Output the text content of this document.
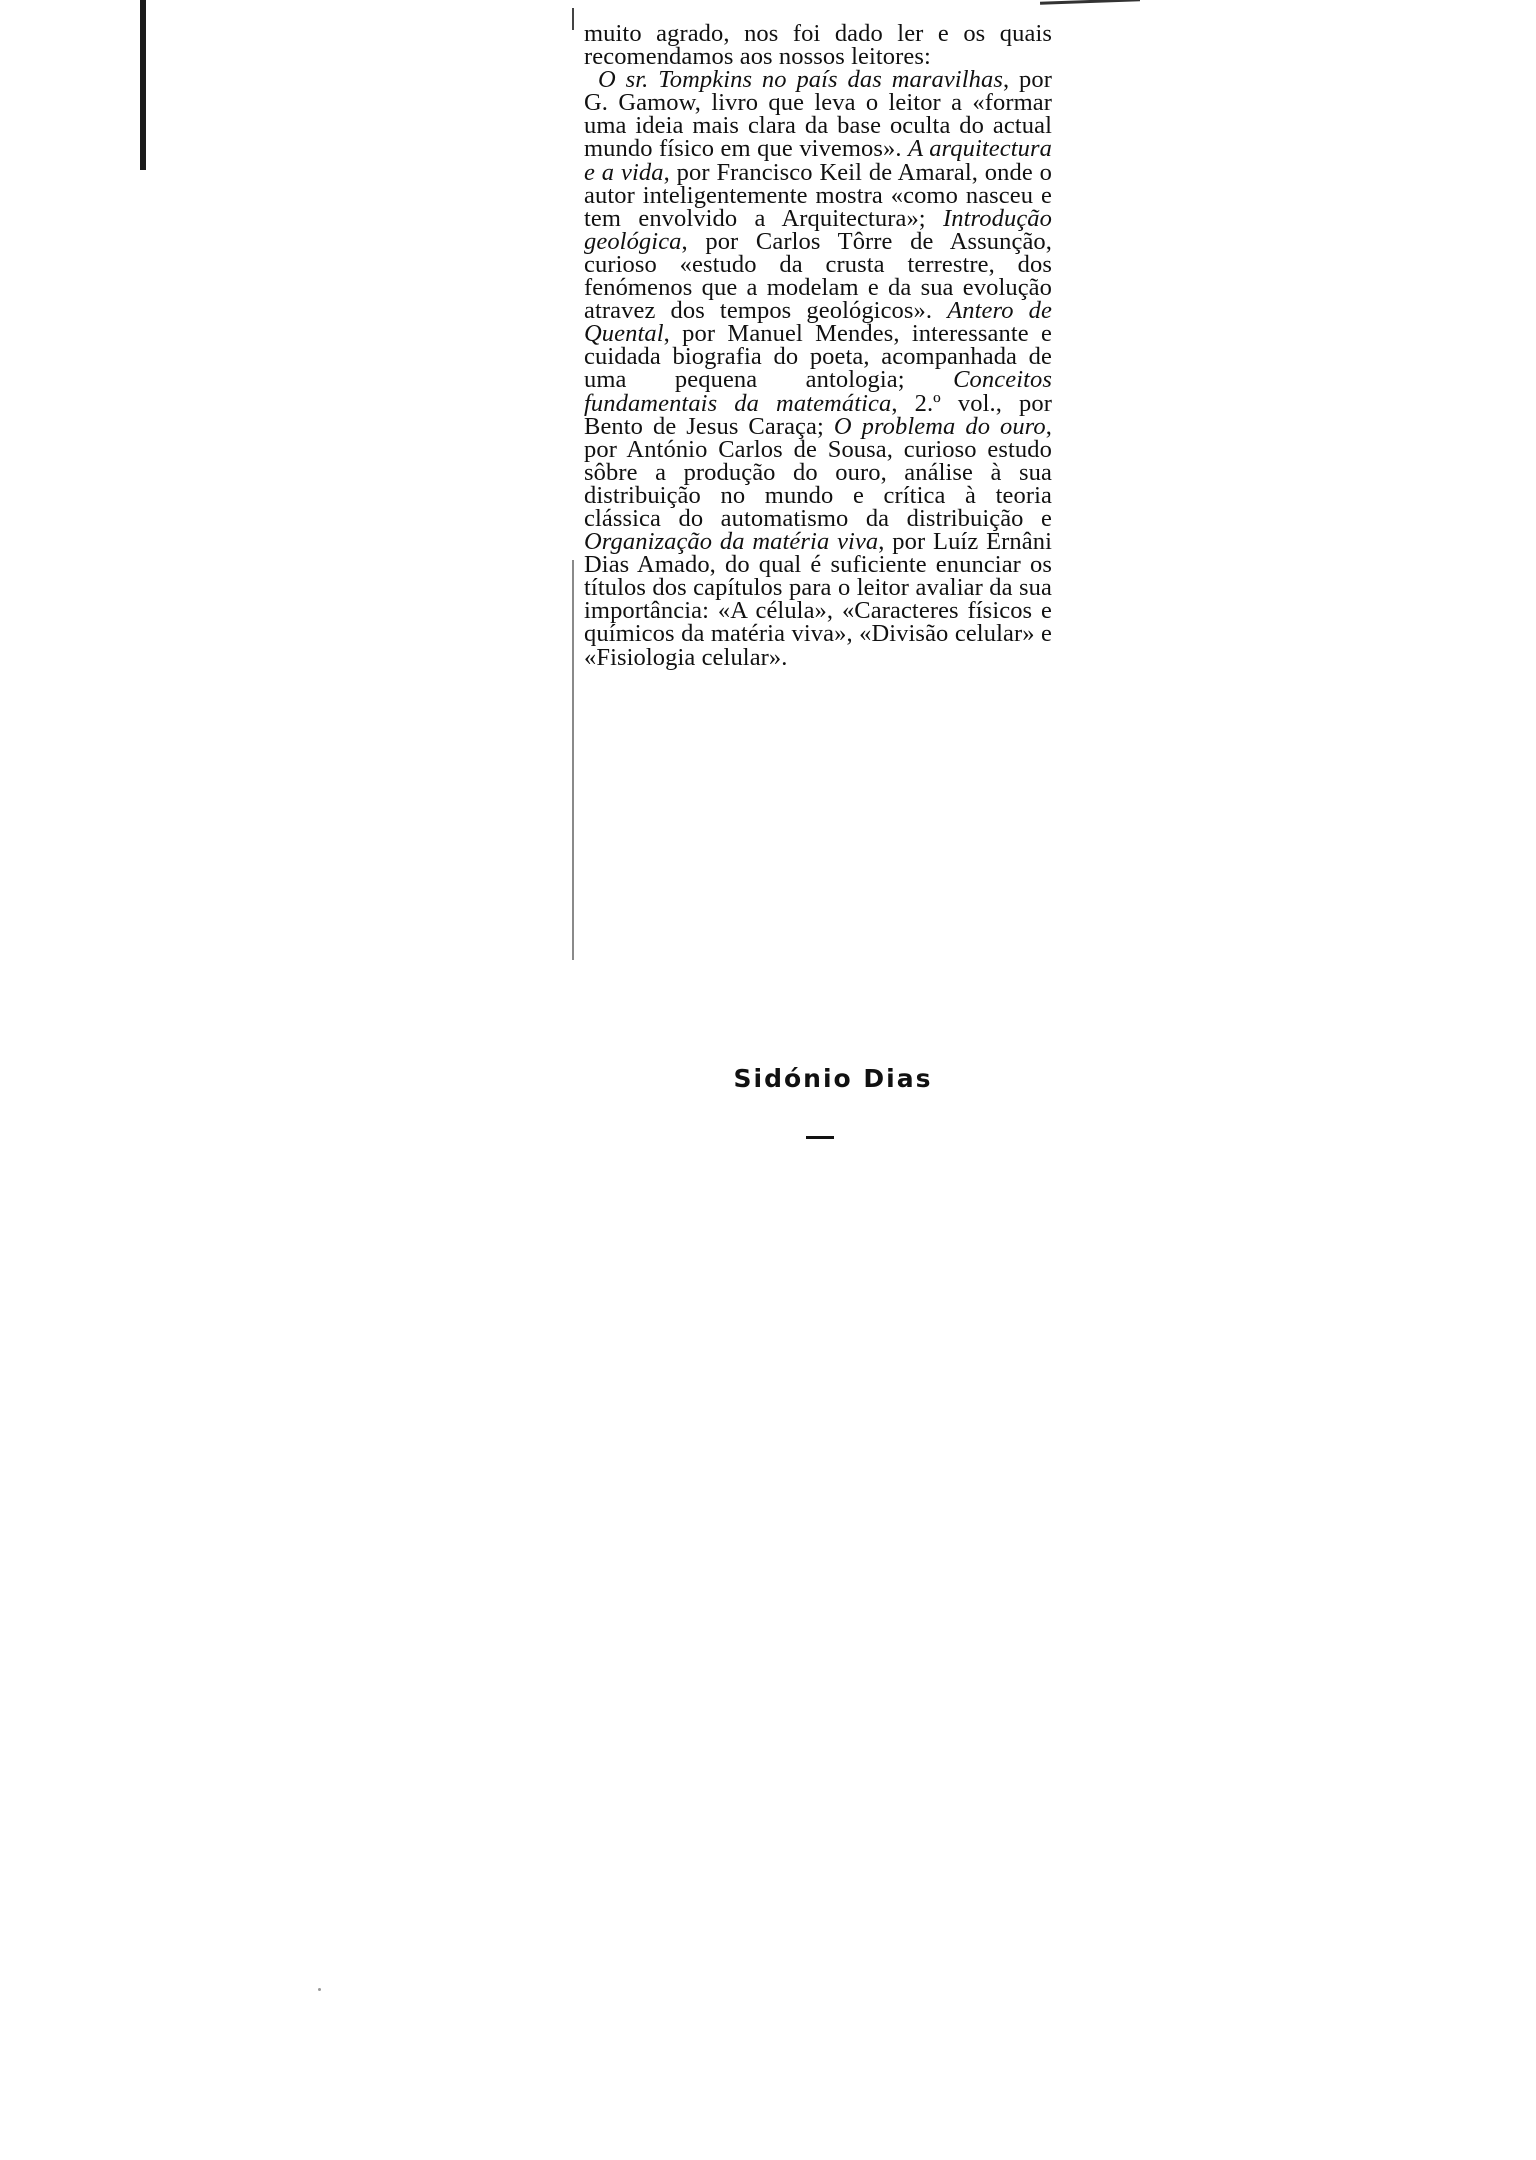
muito agrado, nos foi dado ler e os quais recomendamos aos nossos leitores:

O sr. Tompkins no país das maravilhas, por G. Gamow, livro que leva o leitor a «formar uma ideia mais clara da base oculta do actual mundo físico em que vivemos». A arquitectura e a vida, por Francisco Keil de Amaral, onde o autor inteligentemente mostra «como nasceu e tem envolvido a Arquitectura»; Introdução geológica, por Carlos Tôrre de Assunção, curioso «estudo da crusta terrestre, dos fenómenos que a modelam e da sua evolução atravez dos tempos geológicos». Antero de Quental, por Manuel Mendes, interessante e cuidada biografia do poeta, acompanhada de uma pequena antologia; Conceitos fundamentais da matemática, 2.º vol., por Bento de Jesus Caraça; O problema do ouro, por António Carlos de Sousa, curioso estudo sôbre a produção do ouro, análise à sua distribuição no mundo e crítica à teoria clássica do automatismo da distribuição e Organização da matéria viva, por Luíz Ernâni Dias Amado, do qual é suficiente enunciar os títulos dos capítulos para o leitor avaliar da sua importância: «A célula», «Caracteres físicos e químicos da matéria viva», «Divisão celular» e «Fisiologia celular».

Sidónio Dias
